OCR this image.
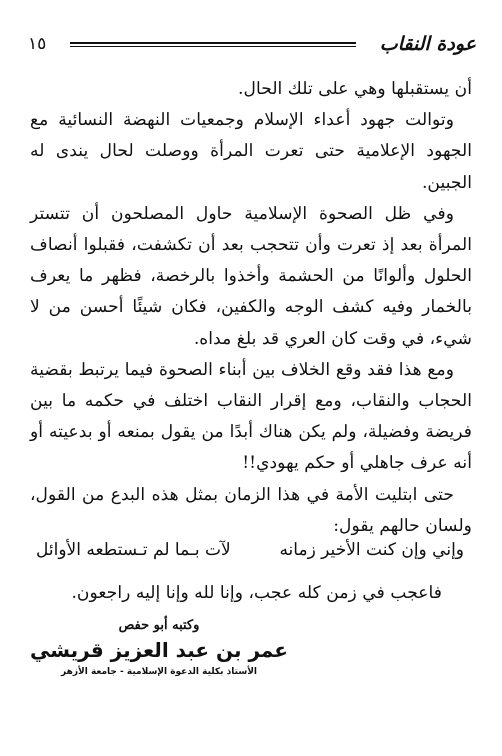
عودة النقاب
١٥

أن يستقبلها وهي على تلك الحال.

وتوالت جهود أعداء الإسلام وجمعيات النهضة النسائية مع الجهود الإعلامية حتى تعرت المرأة ووصلت لحال يندى له الجبين.

وفي ظل الصحوة الإسلامية حاول المصلحون أن تتستر المرأة بعد إذ تعرت وأن تتحجب بعد أن تكشفت، فقبلوا أنصاف الحلول وألوانًا من الحشمة وأخذوا بالرخصة، فظهر ما يعرف بالخمار وفيه كشف الوجه والكفين، فكان شيئًا أحسن من لا شيء، في وقت كان العري قد بلغ مداه.

ومع هذا فقد وقع الخلاف بين أبناء الصحوة فيما يرتبط بقضية الحجاب والنقاب، ومع إقرار النقاب اختلف في حكمه ما بين فريضة وفضيلة، ولم يكن هناك أبدًا من يقول بمنعه أو بدعيته أو أنه عرف جاهلي أو حكم يهودي!!

حتى ابتليت الأمة في هذا الزمان بمثل هذه البدع من القول، ولسان حالهم يقول:

وإني وإن كنت الأخير زمانه
لآت بـما لم تـستطعه الأوائل
فاعجب في زمن كله عجب، وإنا لله وإنا إليه راجعون.
وكتبه أبو حفص
عمر بن عبد العزيز قريشي
الأستاذ بكلية الدعوة الإسلامية - جامعة الأزهر
